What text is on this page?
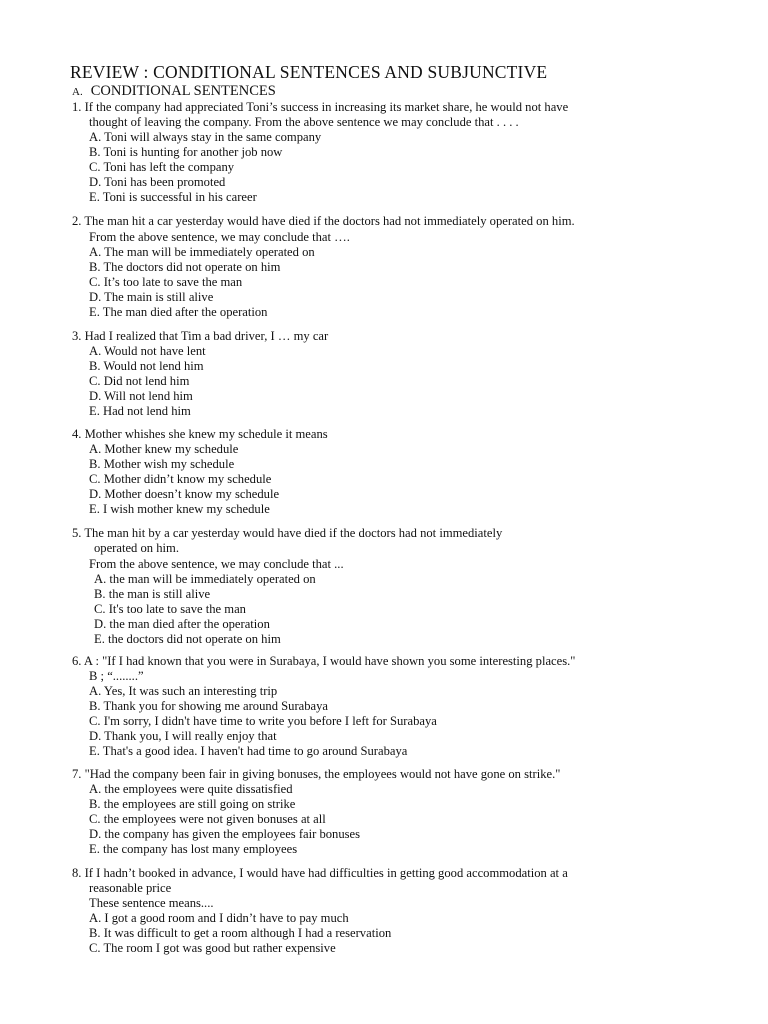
REVIEW : CONDITIONAL SENTENCES AND SUBJUNCTIVE
A. CONDITIONAL SENTENCES
1. If the company had appreciated Toni’s success in increasing its market share, he would not have
thought of leaving the company. From the above sentence we may conclude that . . . .
A. Toni will always stay in the same company
B. Toni is hunting for another job now
C. Toni has left the company
D. Toni has been promoted
E. Toni is successful in his career
2. The man hit a car yesterday would have died if the doctors had not immediately operated on him.
From the above sentence, we may conclude that ….
A. The man will be immediately operated on
B. The doctors did not operate on him
C. It’s too late to save the man
D. The main is still alive
E. The man died after the operation
3. Had I realized that Tim a bad driver, I … my car
A. Would not have lent
B. Would not lend him
C. Did not lend him
D. Will not lend him
E. Had not lend him
4. Mother whishes she knew my schedule it means
A. Mother knew my schedule
B. Mother wish my schedule
C. Mother didn’t know my schedule
D. Mother doesn’t know my schedule
E. I wish mother knew my schedule
5. The man hit by a car yesterday would have died if the doctors had not immediately
operated on him.
From the above sentence, we may conclude that ...
A. the man will be immediately operated on
B. the man is still alive
C. It's too late to save the man
D. the man died after the operation
E. the doctors did not operate on him
6. A : "If I had known that you were in Surabaya, I would have shown you some interesting places."
B ; “........”
A. Yes, It was such an interesting trip
B. Thank you for showing me around Surabaya
C. I'm sorry, I didn't have time to write you before I left for Surabaya
D. Thank you, I will really enjoy that
E. That's a good idea. I haven't had time to go around Surabaya
7. "Had the company been fair in giving bonuses, the employees would not have gone on strike."
A. the employees were quite dissatisfied
B. the employees are still going on strike
C. the employees were not given bonuses at all
D. the company has given the employees fair bonuses
E. the company has lost many employees
8. If I hadn’t booked in advance, I would have had difficulties in getting good accommodation at a
reasonable price
These sentence means....
A. I got a good room and I didn’t have to pay much
B. It was difficult to get a room although I had a reservation
C. The room I got was good but rather expensive
